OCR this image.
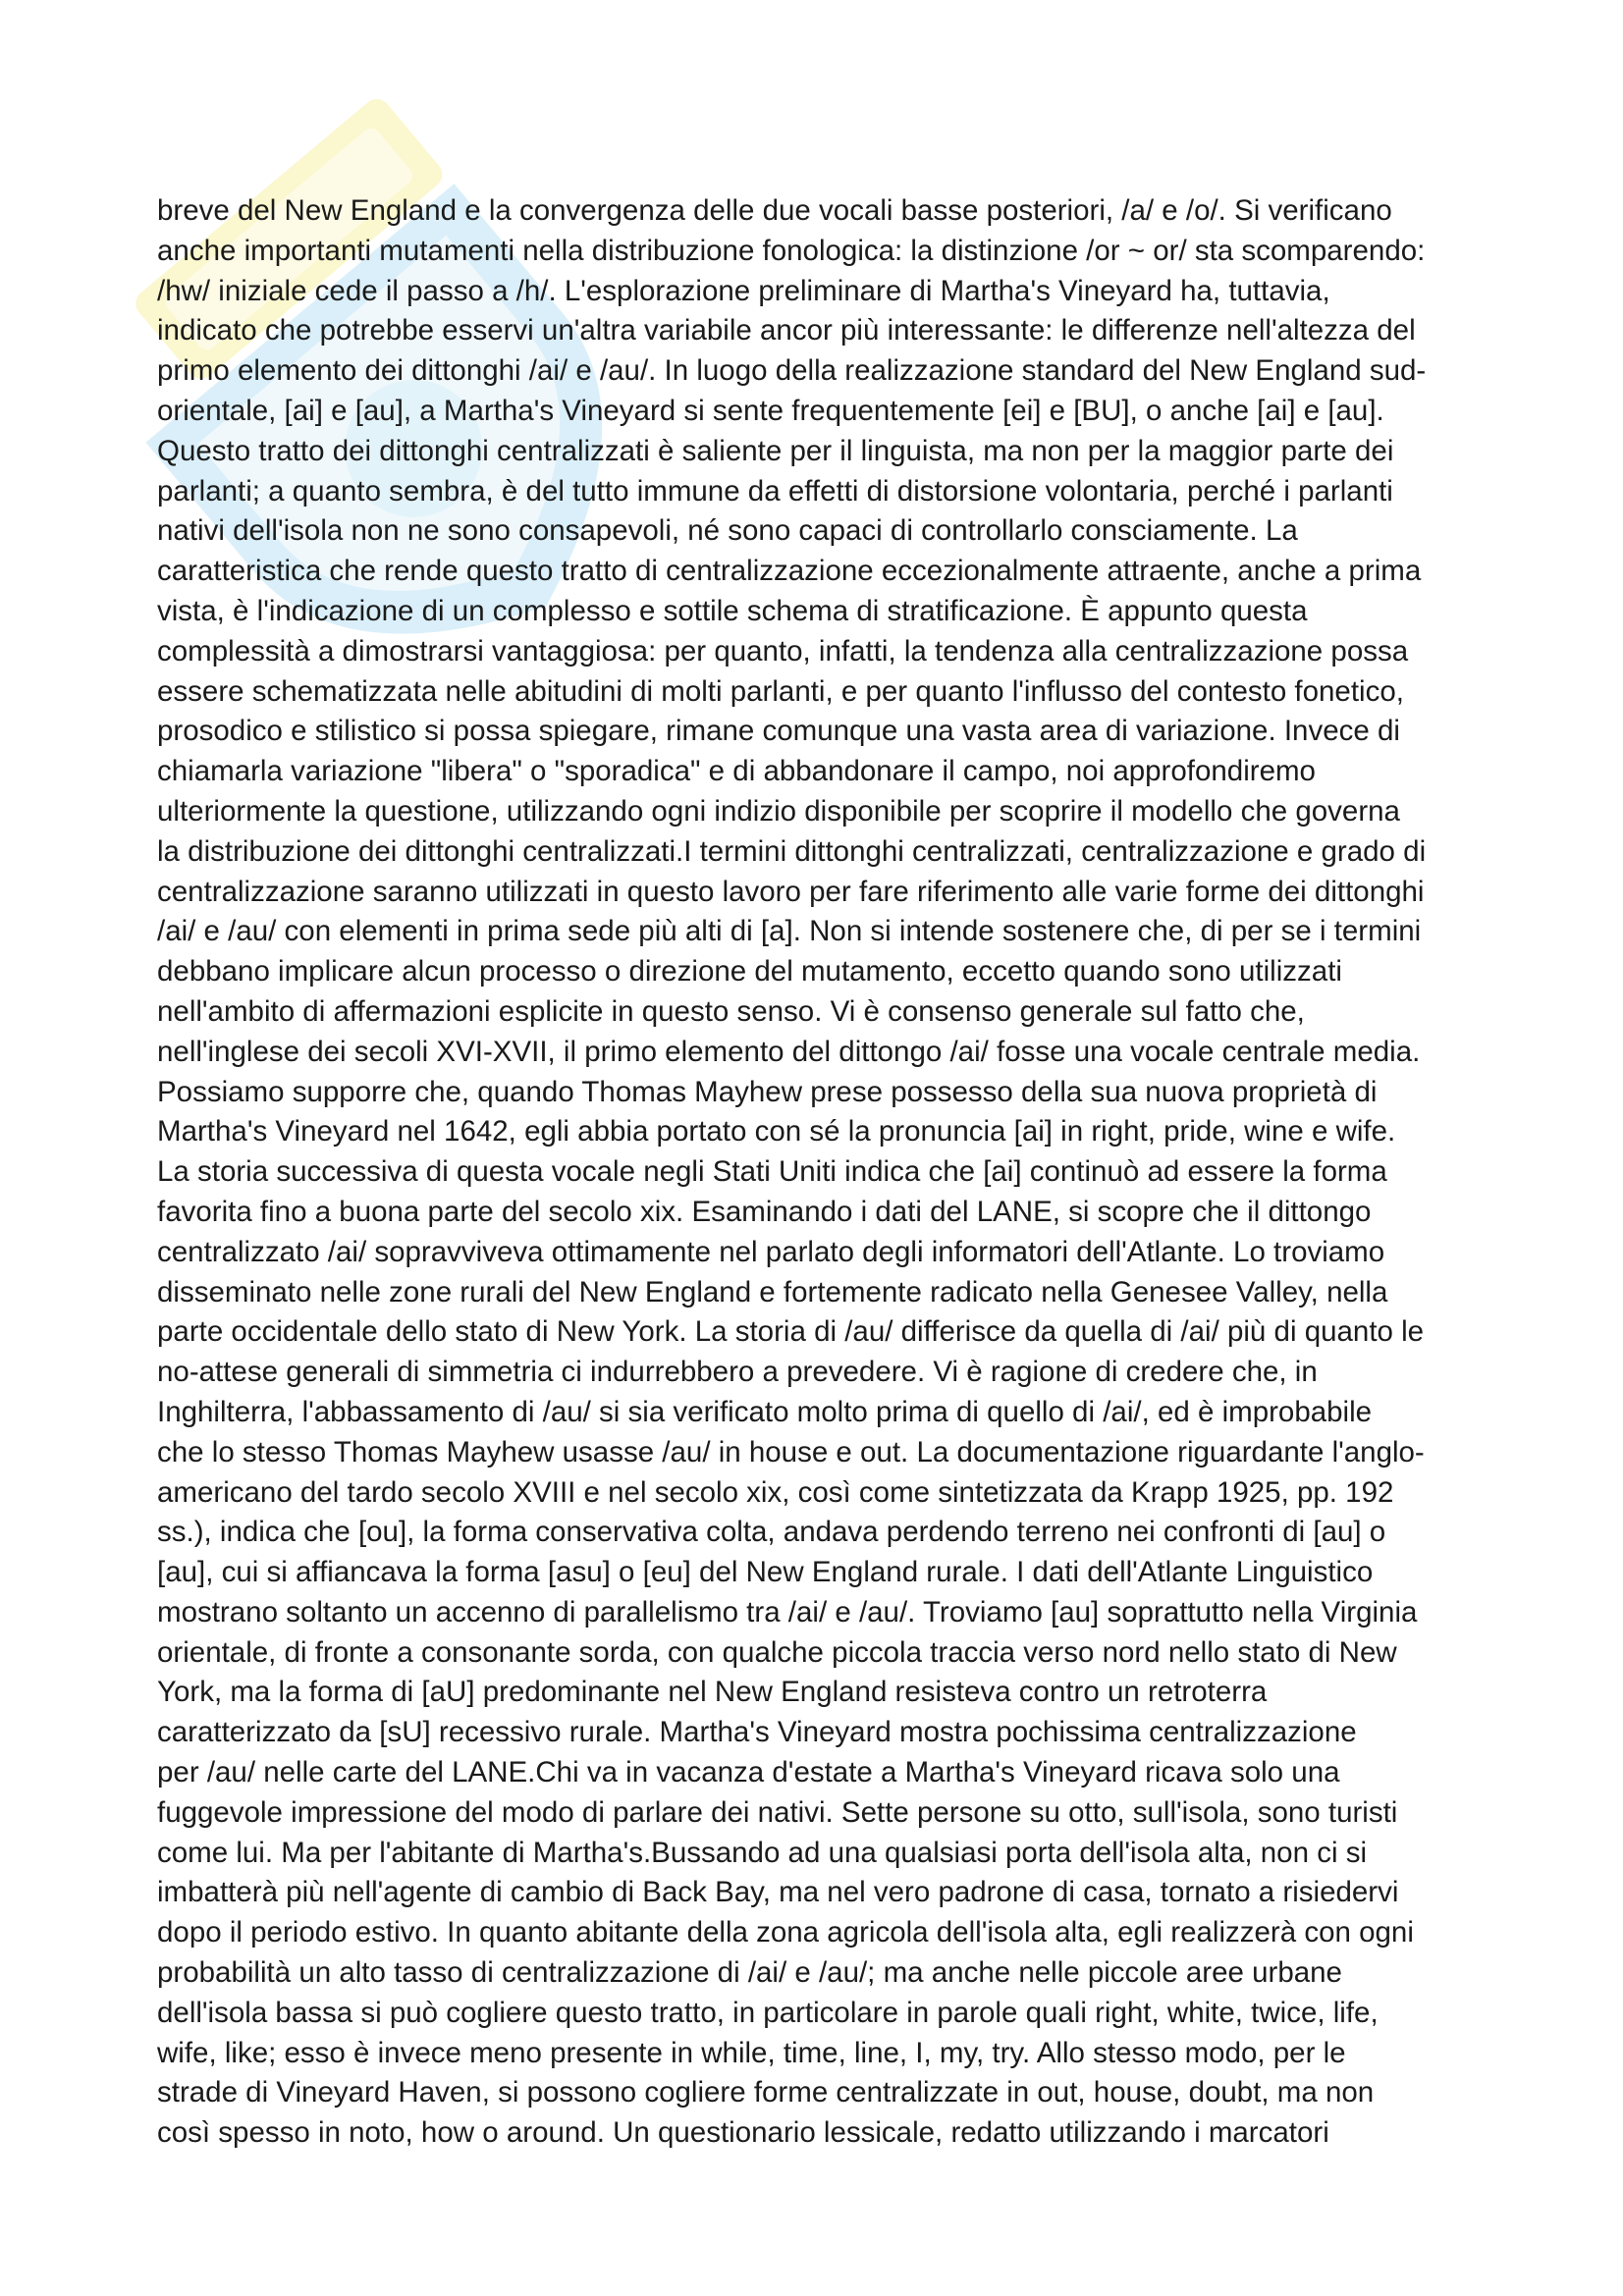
breve del New England e la convergenza delle due vocali basse posteriori, /a/ e /o/. Si verificano
anche importanti mutamenti nella distribuzione fonologica: la distinzione /or ~ or/ sta scomparendo:
/hw/ iniziale cede il passo a /h/. L'esplorazione preliminare di Martha's Vineyard ha, tuttavia,
indicato che potrebbe esservi un'altra variabile ancor più interessante: le differenze nell'altezza del
primo elemento dei dittonghi /ai/ e /au/. In luogo della realizzazione standard del New England sud-
orientale, [ai] e [au], a Martha's Vineyard si sente frequentemente [ei] e [BU], o anche [ai] e [au].
Questo tratto dei dittonghi centralizzati è saliente per il linguista, ma non per la maggior parte dei
parlanti; a quanto sembra, è del tutto immune da effetti di distorsione volontaria, perché i parlanti
nativi dell'isola non ne sono consapevoli, né sono capaci di controllarlo consciamente. La
caratteristica che rende questo tratto di centralizzazione eccezionalmente attraente, anche a prima
vista, è l'indicazione di un complesso e sottile schema di stratificazione. È appunto questa
complessità a dimostrarsi vantaggiosa: per quanto, infatti, la tendenza alla centralizzazione possa
essere schematizzata nelle abitudini di molti parlanti, e per quanto l'influsso del contesto fonetico,
prosodico e stilistico si possa spiegare, rimane comunque una vasta area di variazione. Invece di
chiamarla variazione "libera" o "sporadica" e di abbandonare il campo, noi approfondiremo
ulteriormente la questione, utilizzando ogni indizio disponibile per scoprire il modello che governa
la distribuzione dei dittonghi centralizzati.I termini dittonghi centralizzati, centralizzazione e grado di
centralizzazione saranno utilizzati in questo lavoro per fare riferimento alle varie forme dei dittonghi
/ai/ e /au/ con elementi in prima sede più alti di [a]. Non si intende sostenere che, di per se i termini
debbano implicare alcun processo o direzione del mutamento, eccetto quando sono utilizzati
nell'ambito di affermazioni esplicite in questo senso. Vi è consenso generale sul fatto che,
nell'inglese dei secoli XVI-XVII, il primo elemento del dittongo /ai/ fosse una vocale centrale media.
Possiamo supporre che, quando Thomas Mayhew prese possesso della sua nuova proprietà di
Martha's Vineyard nel 1642, egli abbia portato con sé la pronuncia [ai] in right, pride, wine e wife.
La storia successiva di questa vocale negli Stati Uniti indica che [ai] continuò ad essere la forma
favorita fino a buona parte del secolo xix. Esaminando i dati del LANE, si scopre che il dittongo
centralizzato /ai/ sopravviveva ottimamente nel parlato degli informatori dell'Atlante. Lo troviamo
disseminato nelle zone rurali del New England e fortemente radicato nella Genesee Valley, nella
parte occidentale dello stato di New York. La storia di /au/ differisce da quella di /ai/ più di quanto le
no-attese generali di simmetria ci indurrebbero a prevedere. Vi è ragione di credere che, in
Inghilterra, l'abbassamento di /au/ si sia verificato molto prima di quello di /ai/, ed è improbabile
che lo stesso Thomas Mayhew usasse /au/ in house e out. La documentazione riguardante l'anglo-
americano del tardo secolo XVIII e nel secolo xix, così come sintetizzata da Krapp 1925, pp. 192
ss.), indica che [ou], la forma conservativa colta, andava perdendo terreno nei confronti di [au] o
[au], cui si affiancava la forma [asu] o [eu] del New England rurale. I dati dell'Atlante Linguistico
mostrano soltanto un accenno di parallelismo tra /ai/ e /au/. Troviamo [au] soprattutto nella Virginia
orientale, di fronte a consonante sorda, con qualche piccola traccia verso nord nello stato di New
York, ma la forma di [aU] predominante nel New England resisteva contro un retroterra
caratterizzato da [sU] recessivo rurale. Martha's Vineyard mostra pochissima centralizzazione
per /au/ nelle carte del LANE.Chi va in vacanza d'estate a Martha's Vineyard ricava solo una
fuggevole impressione del modo di parlare dei nativi. Sette persone su otto, sull'isola, sono turisti
come lui. Ma per l'abitante di Martha's.Bussando ad una qualsiasi porta dell'isola alta, non ci si
imbatterà più nell'agente di cambio di Back Bay, ma nel vero padrone di casa, tornato a risiedervi
dopo il periodo estivo. In quanto abitante della zona agricola dell'isola alta, egli realizzerà con ogni
probabilità un alto tasso di centralizzazione di /ai/ e /au/; ma anche nelle piccole aree urbane
dell'isola bassa si può cogliere questo tratto, in particolare in parole quali right, white, twice, life,
wife, like; esso è invece meno presente in while, time, line, I, my, try. Allo stesso modo, per le
strade di Vineyard Haven, si possono cogliere forme centralizzate in out, house, doubt, ma non
così spesso in noto, how o around. Un questionario lessicale, redatto utilizzando i marcatori
